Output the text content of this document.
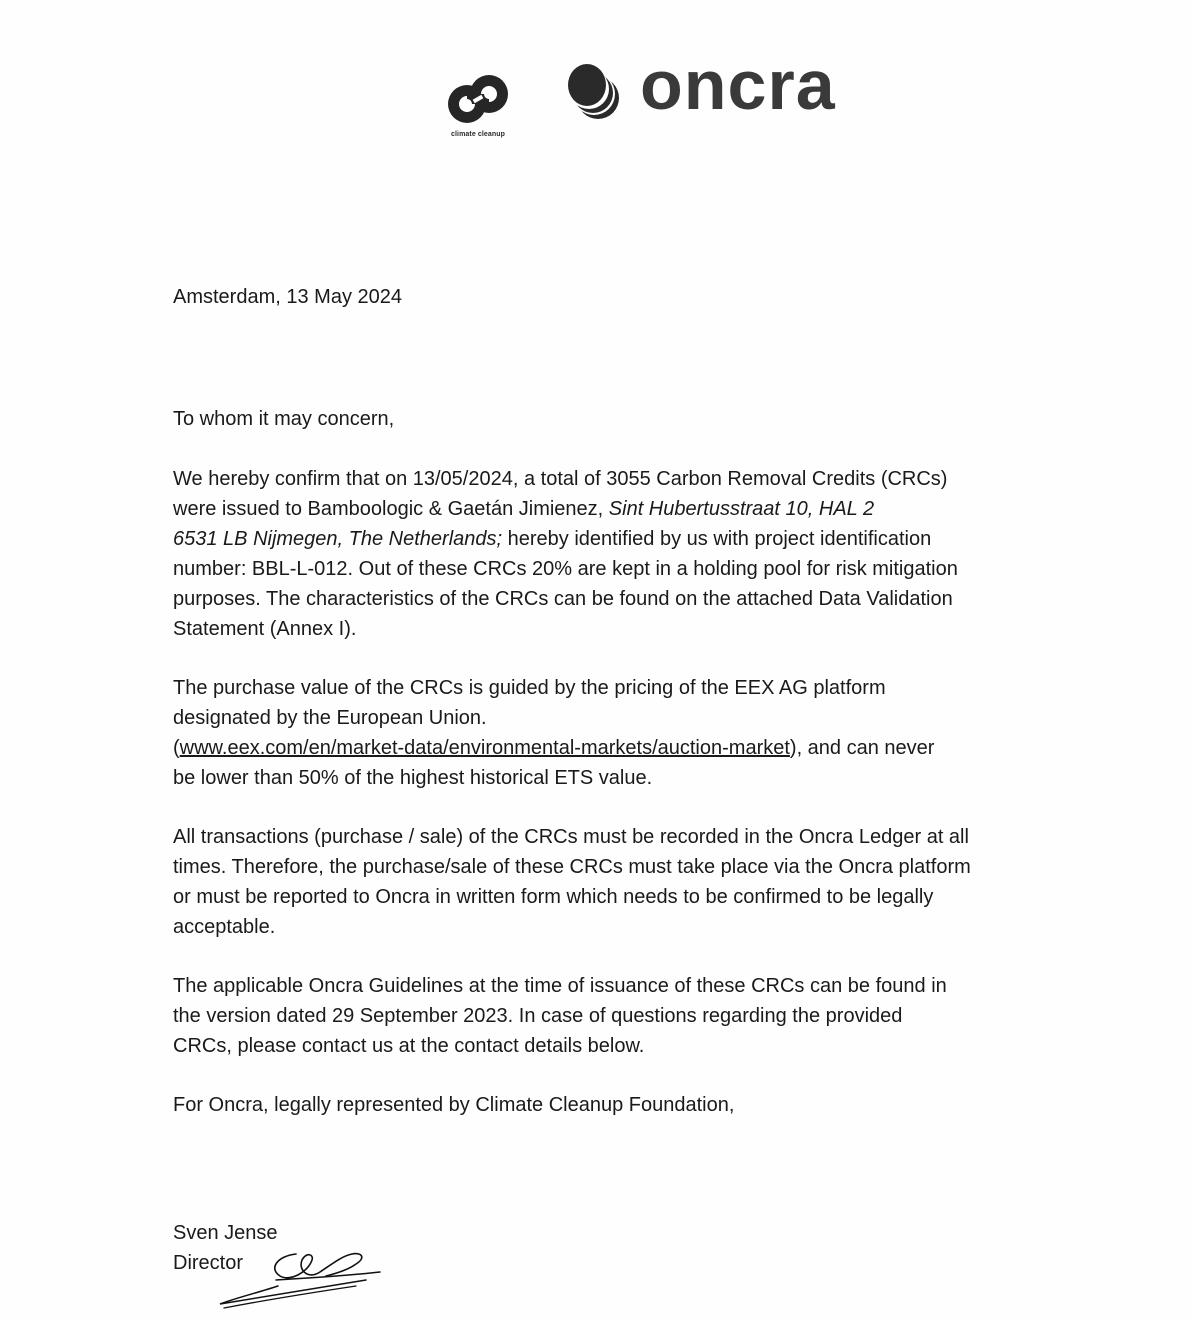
climate cleanup
oncra
Amsterdam, 13 May 2024

To whom it may concern,

We hereby confirm that on 13/05/2024, a total of 3055 Carbon Removal Credits (CRCs)
were issued to Bamboologic & Gaetán Jimienez, Sint Hubertusstraat 10, HAL 2
6531 LB Nijmegen, The Netherlands; hereby identified by us with project identification
number: BBL-L-012. Out of these CRCs 20% are kept in a holding pool for risk mitigation
purposes. The characteristics of the CRCs can be found on the attached Data Validation
Statement (Annex I).

The purchase value of the CRCs is guided by the pricing of the EEX AG platform
designated by the European Union.
(www.eex.com/en/market-data/environmental-markets/auction-market), and can never
be lower than 50% of the highest historical ETS value.

All transactions (purchase / sale) of the CRCs must be recorded in the Oncra Ledger at all
times. Therefore, the purchase/sale of these CRCs must take place via the Oncra platform
or must be reported to Oncra in written form which needs to be confirmed to be legally
acceptable.

The applicable Oncra Guidelines at the time of issuance of these CRCs can be found in
the version dated 29 September 2023. In case of questions regarding the provided
CRCs, please contact us at the contact details below.

For Oncra, legally represented by Climate Cleanup Foundation,

Sven Jense
Director
